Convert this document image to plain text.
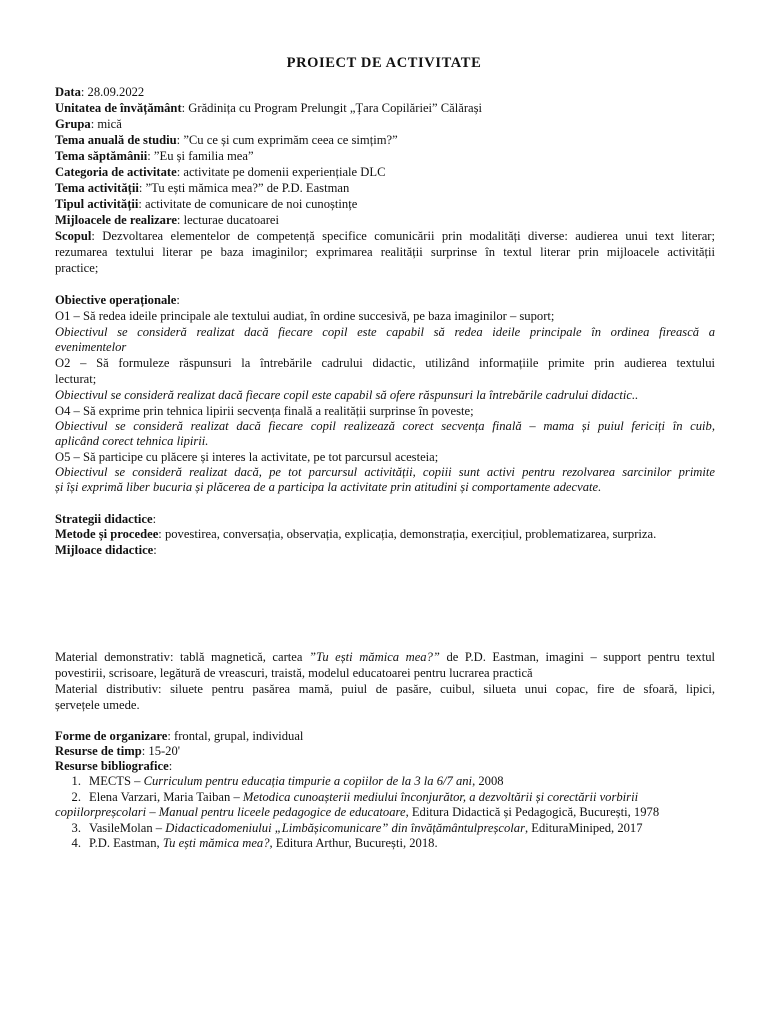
PROIECT DE ACTIVITATE
Data: 28.09.2022
Unitatea de învățământ: Grădinița cu Program Prelungit „Țara Copilăriei” Călărași
Grupa: mică
Tema anuală de studiu: ”Cu ce și cum exprimăm ceea ce simțim?”
Tema săptămânii: ”Eu și familia mea”
Categoria de activitate: activitate pe domenii experiențiale DLC
Tema activității: ”Tu ești mămica mea?” de P.D. Eastman
Tipul activității: activitate de comunicare de noi cunoștințe
Mijloacele de realizare: lecturae ducatoarei
Scopul: Dezvoltarea elementelor de competență specifice comunicării prin modalități diverse: audierea unui text literar;
rezumarea textului literar pe baza imaginilor; exprimarea realității surprinse în textul literar prin mijloacele activității
practice;
Obiective operaționale:
O1 – Să redea ideile principale ale textului audiat, în ordine succesivă, pe baza imaginilor – suport;
Obiectivul se consideră realizat dacă fiecare copil este capabil să redea ideile principale în ordinea firească a
evenimentelor
O2 – Să formuleze răspunsuri la întrebările cadrului didactic, utilizând informațiile primite prin audierea textului
lecturat;
Obiectivul se consideră realizat dacă fiecare copil este capabil să ofere răspunsuri la întrebările cadrului didactic..
O4 – Să exprime prin tehnica lipirii secvența finală a realității surprinse în poveste;
Obiectivul se consideră realizat dacă fiecare copil realizează corect secvența finală – mama și puiul fericiți în cuib,
aplicând corect tehnica lipirii.
O5 – Să participe cu plăcere și interes la activitate, pe tot parcursul acesteia;
Obiectivul se consideră realizat dacă, pe tot parcursul activității, copiii sunt activi pentru rezolvarea sarcinilor primite
și își exprimă liber bucuria și plăcerea de a participa la activitate prin atitudini și comportamente adecvate.
Strategii didactice:
Metode și procedee: povestirea, conversația, observația, explicația, demonstrația, exercițiul, problematizarea, surpriza.
Mijloace didactice:
Material demonstrativ: tablă magnetică, cartea ”Tu ești mămica mea?” de P.D. Eastman, imagini – support pentru textul
povestirii, scrisoare, legătură de vreascuri, traistă, modelul educatoarei pentru lucrarea practică
Material distributiv: siluete pentru pasărea mamă, puiul de pasăre, cuibul, silueta unui copac, fire de sfoară, lipici,
șervețele umede.
Forme de organizare: frontal, grupal, individual
Resurse de timp: 15-20'
Resurse bibliografice:
1. MECTS – Curriculum pentru educația timpurie a copiilor de la 3 la 6/7 ani, 2008
2. Elena Varzari, Maria Taiban – Metodica cunoașterii mediului înconjurător, a dezvoltării și corectării vorbirii
copiilorpreșcolari – Manual pentru liceele pedagogice de educatoare, Editura Didactică și Pedagogică, București, 1978
3. VasileMolan – Didacticadomeniului „Limbășicomunicare” din învățământulpreșcolar, EdituraMiniped, 2017
4. P.D. Eastman, Tu ești mămica mea?, Editura Arthur, București, 2018.
